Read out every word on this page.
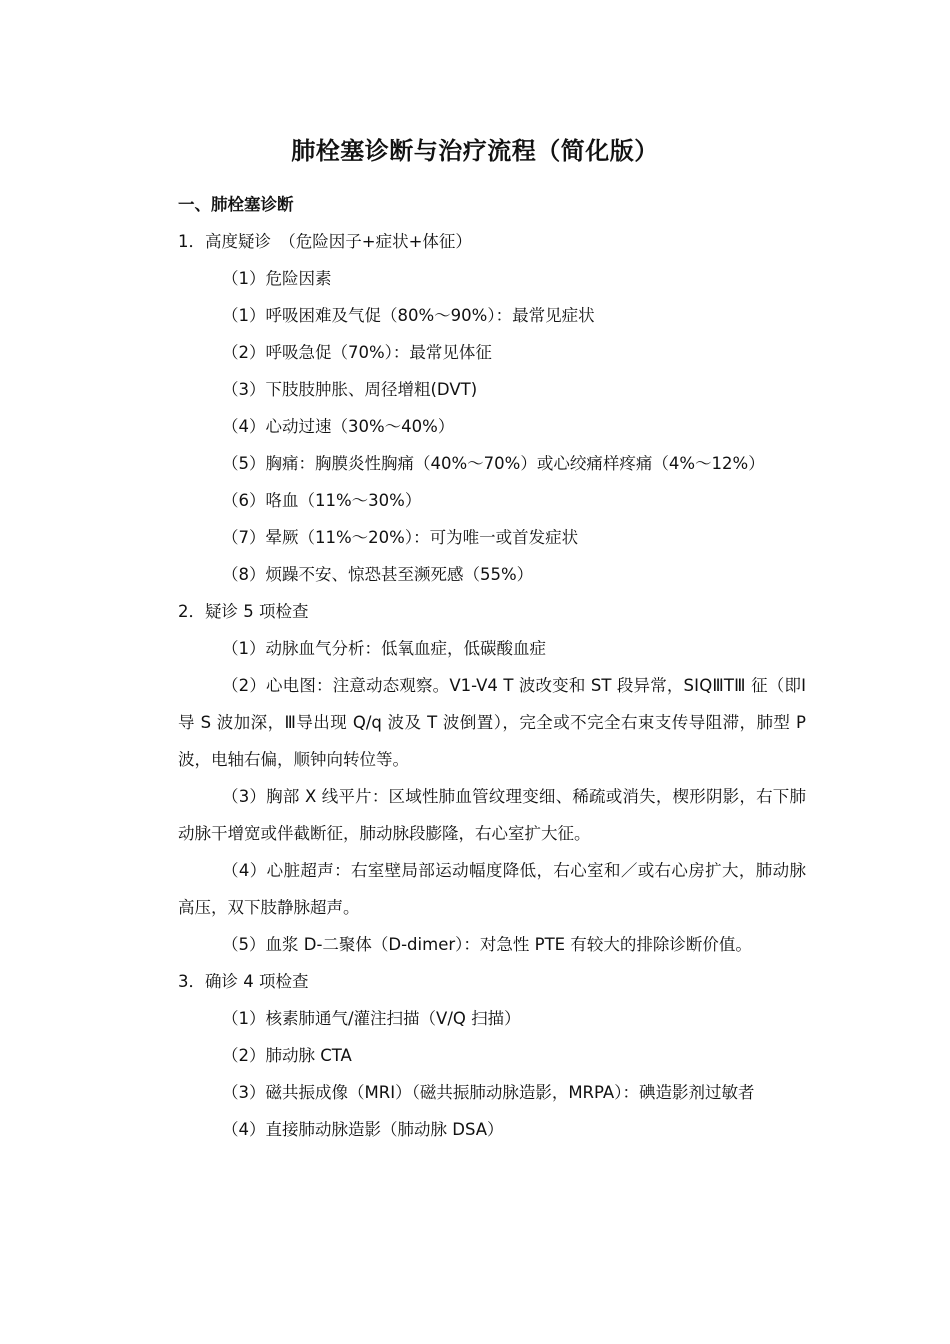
肺栓塞诊断与治疗流程（简化版）
一、肺栓塞诊断
1．高度疑诊　（危险因子+症状+体征）
（1）危险因素
（1）呼吸困难及气促（80%～90%）：最常见症状
（2）呼吸急促（70%）：最常见体征
（3）下肢肢肿胀、周径增粗(DVT)
（4）心动过速（30%～40%）
（5）胸痛：胸膜炎性胸痛（40%～70%）或心绞痛样疼痛（4%～12%）
（6）咯血（11%～30%）
（7）晕厥（11%～20%）：可为唯一或首发症状
（8）烦躁不安、惊恐甚至濒死感（55%）
2．疑诊 5 项检查
（1）动脉血气分析：低氧血症，低碳酸血症
（2）心电图：注意动态观察。V1-V4 T 波改变和 ST 段异常，SⅠQⅢTⅢ 征（即Ⅰ导 S 波加深，Ⅲ导出现 Q/q 波及 T 波倒置），完全或不完全右束支传导阻滞，肺型 P 波，电轴右偏，顺钟向转位等。
（3）胸部 X 线平片：区域性肺血管纹理变细、稀疏或消失，楔形阴影，右下肺动脉干增宽或伴截断征，肺动脉段膨隆，右心室扩大征。
（4）心脏超声：右室壁局部运动幅度降低，右心室和／或右心房扩大，肺动脉高压，双下肢静脉超声。
（5）血浆 D-二聚体（D-dimer）：对急性 PTE 有较大的排除诊断价值。
3．确诊 4 项检查
（1）核素肺通气/灌注扫描（V/Q 扫描）
（2）肺动脉 CTA
（3）磁共振成像（MRI）（磁共振肺动脉造影，MRPA）：碘造影剂过敏者
（4）直接肺动脉造影（肺动脉 DSA）
